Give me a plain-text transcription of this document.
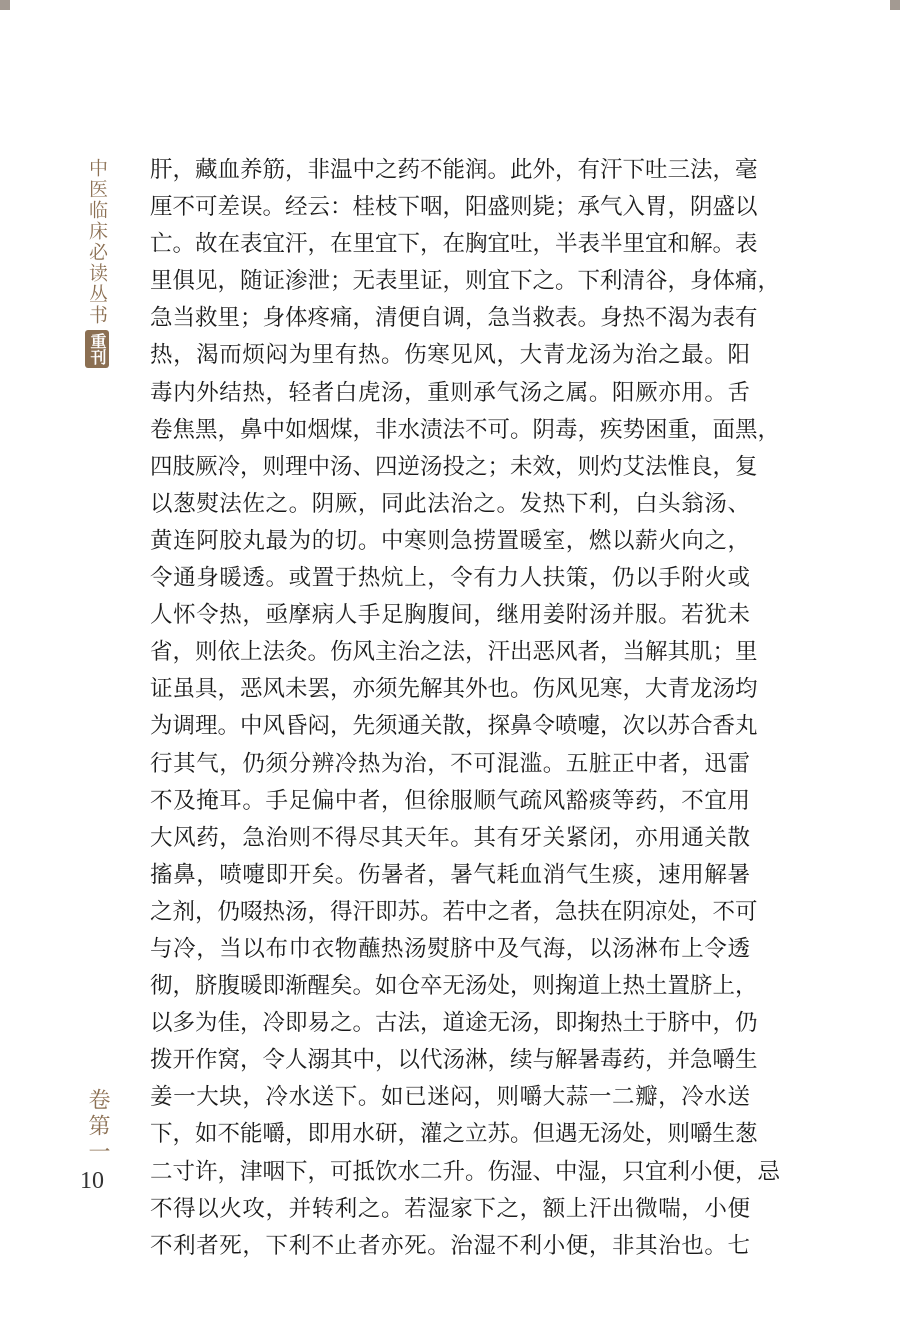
中医临床必读丛书
重刊
卷第一
10
肝，藏血养筋，非温中之药不能润。此外，有汗下吐三法，毫
厘不可差误。经云：桂枝下咽，阳盛则毙；承气入胃，阴盛以
亡。故在表宜汗，在里宜下，在胸宜吐，半表半里宜和解。表
里俱见，随证渗泄；无表里证，则宜下之。下利清谷，身体痛，
急当救里；身体疼痛，清便自调，急当救表。身热不渴为表有
热，渴而烦闷为里有热。伤寒见风，大青龙汤为治之最。阳
毒内外结热，轻者白虎汤，重则承气汤之属。阳厥亦用。舌
卷焦黑，鼻中如烟煤，非水渍法不可。阴毒，疾势困重，面黑，
四肢厥冷，则理中汤、四逆汤投之；未效，则灼艾法惟良，复
以葱熨法佐之。阴厥，同此法治之。发热下利，白头翁汤、
黄连阿胶丸最为的切。中寒则急捞置暖室，燃以薪火向之，
令通身暖透。或置于热炕上，令有力人扶策，仍以手附火或
人怀令热，亟摩病人手足胸腹间，继用姜附汤并服。若犹未
省，则依上法灸。伤风主治之法，汗出恶风者，当解其肌；里
证虽具，恶风未罢，亦须先解其外也。伤风见寒，大青龙汤均
为调理。中风昏闷，先须通关散，探鼻令喷嚏，次以苏合香丸
行其气，仍须分辨冷热为治，不可混滥。五脏正中者，迅雷
不及掩耳。手足偏中者，但徐服顺气疏风豁痰等药，不宜用
大风药，急治则不得尽其天年。其有牙关紧闭，亦用通关散
搐鼻，喷嚏即开矣。伤暑者，暑气耗血消气生痰，速用解暑
之剂，仍啜热汤，得汗即苏。若中之者，急扶在阴凉处，不可
与冷，当以布巾衣物蘸热汤熨脐中及气海，以汤淋布上令透
彻，脐腹暖即渐醒矣。如仓卒无汤处，则掬道上热土置脐上，
以多为佳，冷即易之。古法，道途无汤，即掬热土于脐中，仍
拨开作窝，令人溺其中，以代汤淋，续与解暑毒药，并急嚼生
姜一大块，冷水送下。如已迷闷，则嚼大蒜一二瓣，冷水送
下，如不能嚼，即用水研，灌之立苏。但遇无汤处，则嚼生葱
二寸许，津咽下，可抵饮水二升。伤湿、中湿，只宜利小便，忌
不得以火攻，并转利之。若湿家下之，额上汗出微喘，小便
不利者死，下利不止者亦死。治湿不利小便，非其治也。七
